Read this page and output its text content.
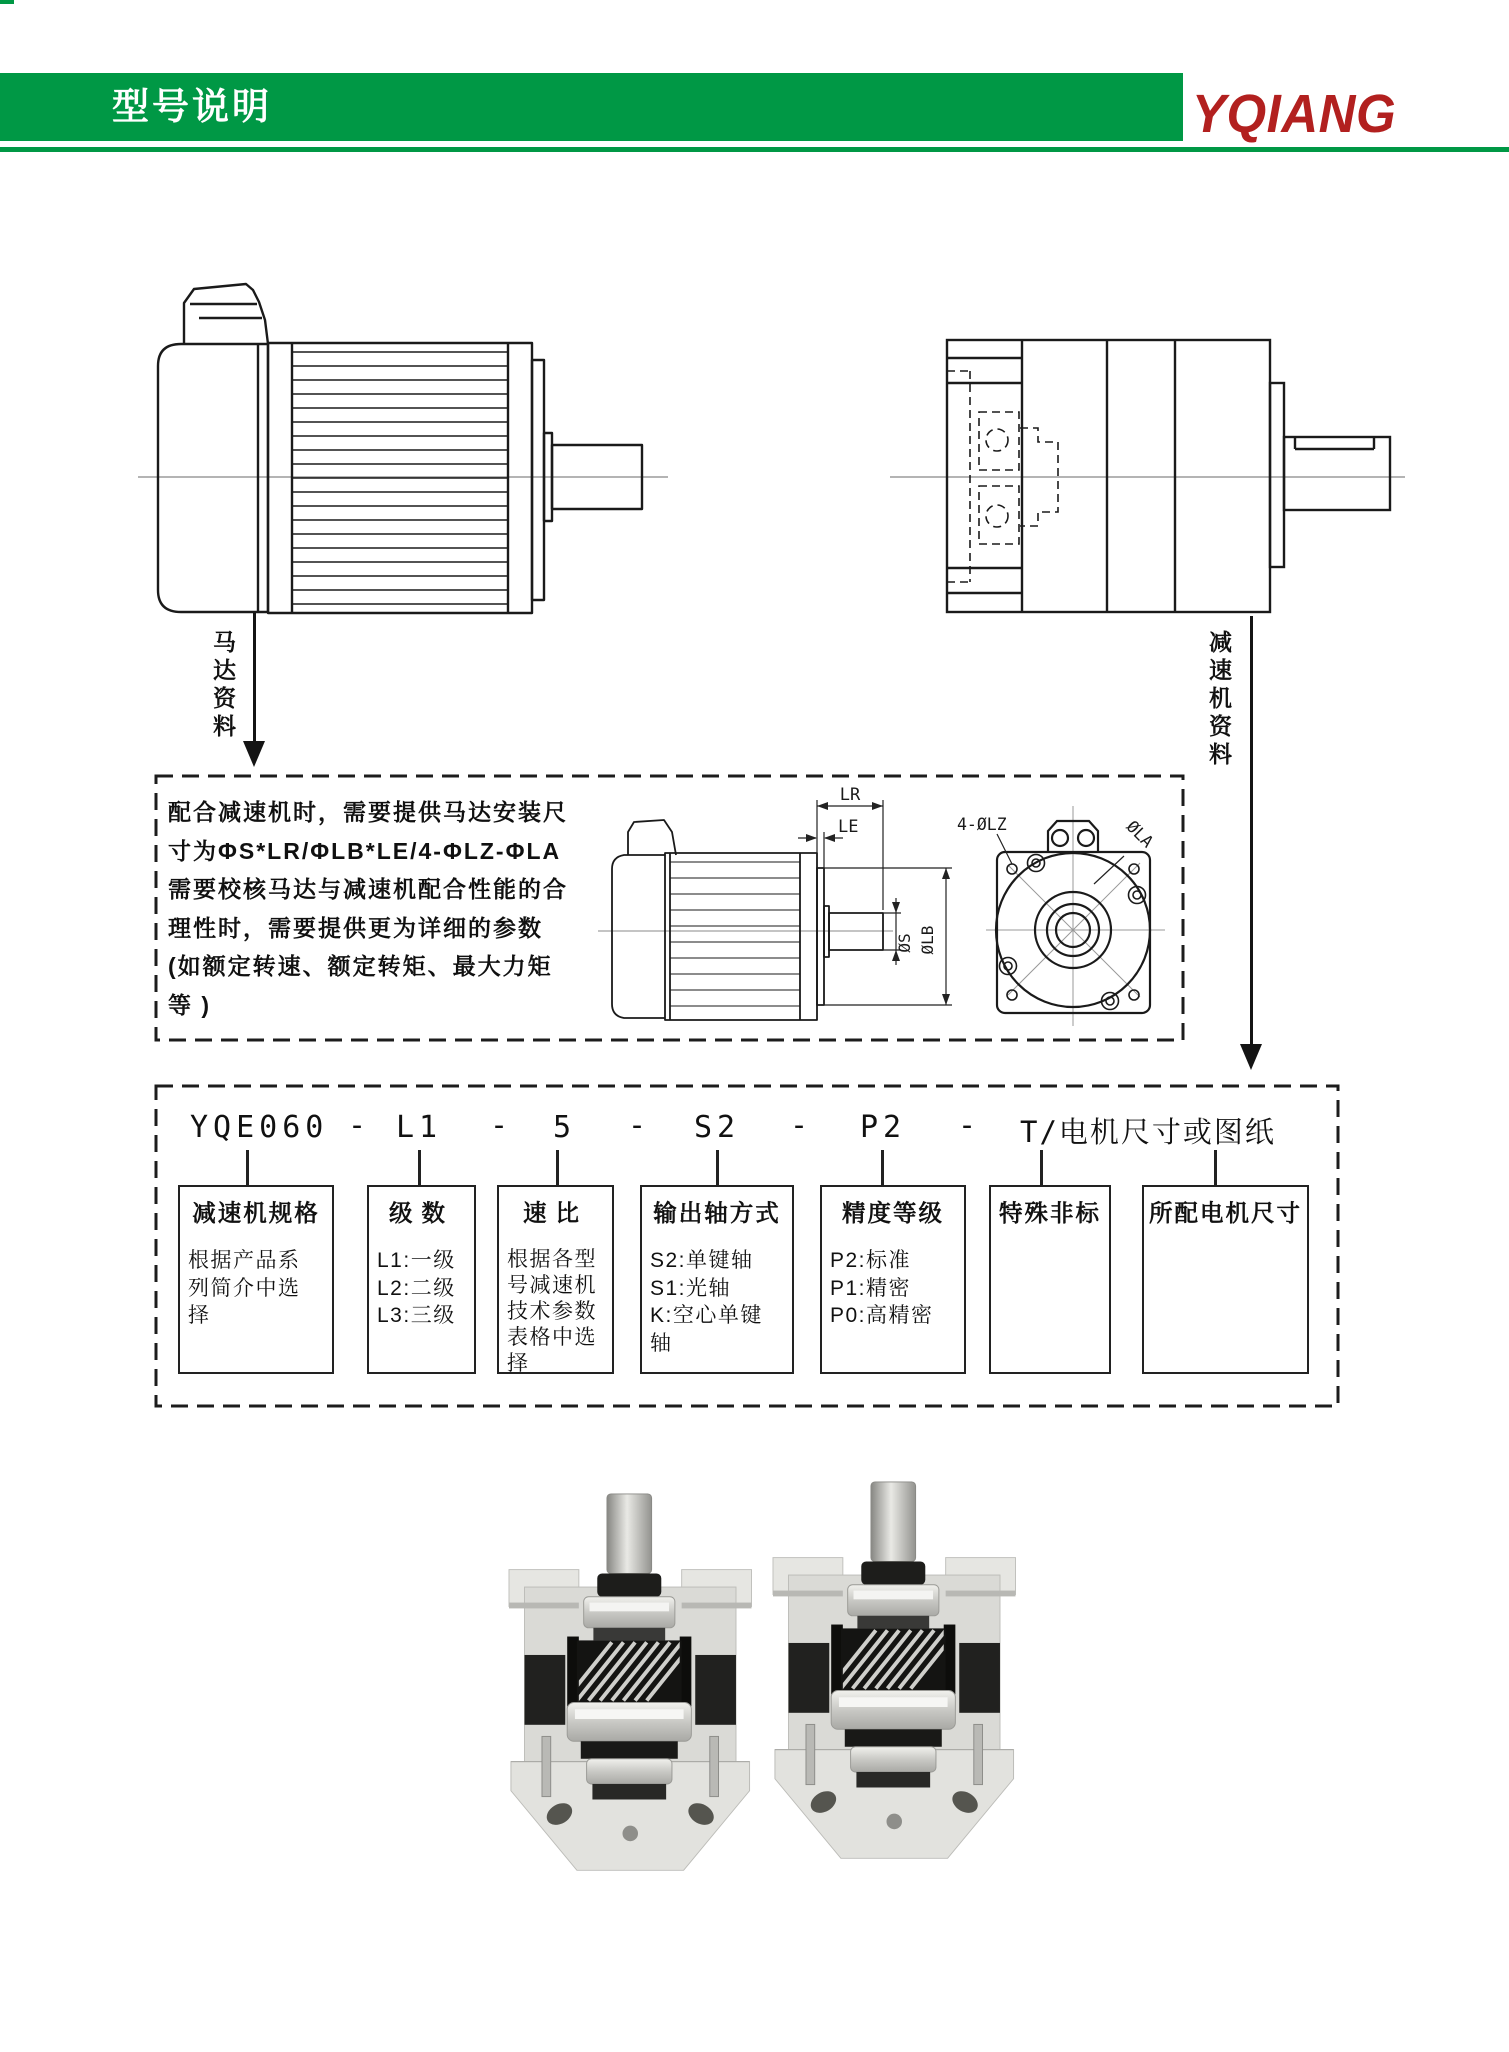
型号说明	YQIANG
马达资料	减速机资料
配合减速机时，需要提供马达安装尺
寸为ΦS*LR/ΦLB*LE/4-ΦLZ-ΦLA
需要校核马达与减速机配合性能的合
理性时，需要提供更为详细的参数
(如额定转速、额定转矩、最大力矩
等 )
LR
LE
ØS ØLB
4-ØLZ	ØLA
YQE060 - L1 - 5 - S2 - P2 - T/电机尺寸或图纸
减速机规格
根据产品系
列简介中选
择
级数
L1:一级
L2:二级
L3:三级
速比
根据各型
号减速机
技术参数
表格中选
择
输出轴方式
S2:单键轴
S1:光轴
K:空心单键
轴
精度等级
P2:标准
P1:精密
P0:高精密
特殊非标	所配电机尺寸
